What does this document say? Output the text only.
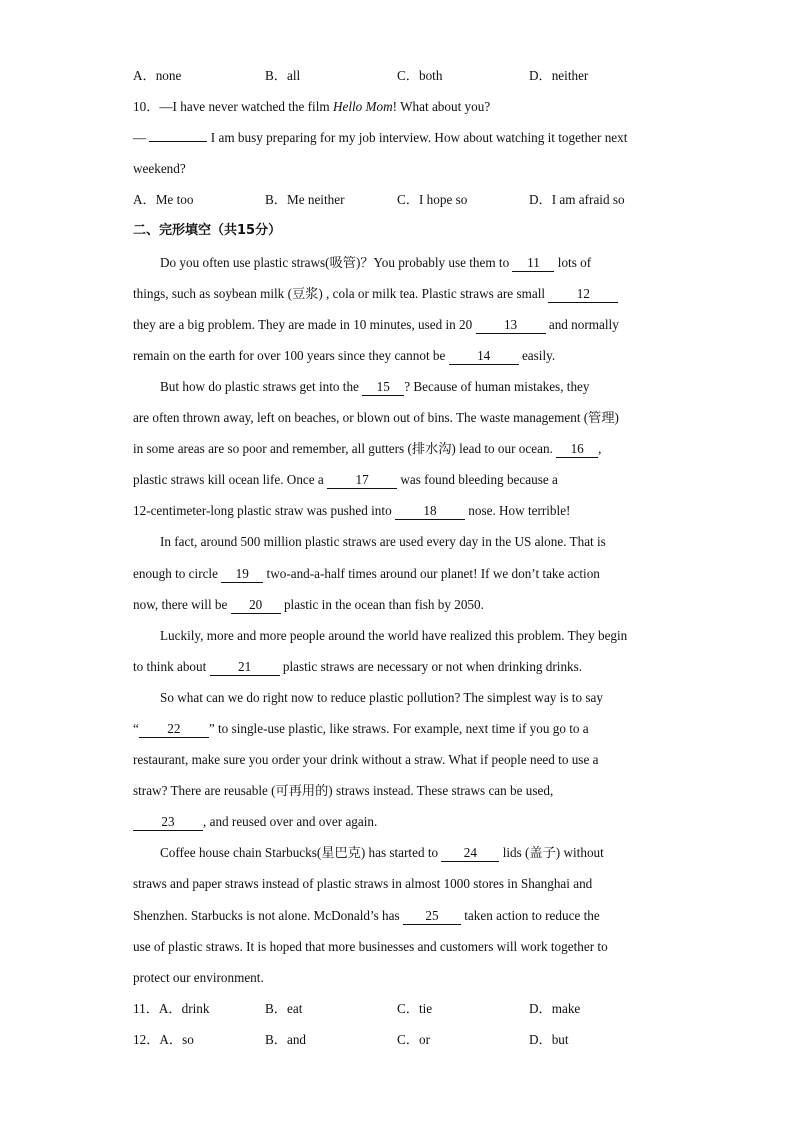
A．none	B．all	C．both	D．neither
10．—I have never watched the film Hello Mom! What about you?
—	I am busy preparing for my job interview. How about watching it together next
weekend?
A．Me too	B．Me neither	C．I hope so	D．I am afraid so
二、完形填空（共15分）
Do you often use plastic straws(吸管)？You probably use them to 11 lots of
things, such as soybean milk (豆浆) , cola or milk tea. Plastic straws are small 12
they are a big problem. They are made in 10 minutes, used in 20 13 and normally
remain on the earth for over 100 years since they cannot be 14 easily.
But how do plastic straws get into the 15 ? Because of human mistakes, they
are often thrown away, left on beaches, or blown out of bins. The waste management (管理)
in some areas are so poor and remember, all gutters (排水沟) lead to our ocean. 16 ,
plastic straws kill ocean life. Once a 17 was found bleeding because a
12-centimeter-long plastic straw was pushed into 18 nose. How terrible!
In fact, around 500 million plastic straws are used every day in the US alone. That is
enough to circle 19 two-and-a-half times around our planet! If we don’t take action
now, there will be 20 plastic in the ocean than fish by 2050.
Luckily, more and more people around the world have realized this problem. They begin
to think about 21 plastic straws are necessary or not when drinking drinks.
So what can we do right now to reduce plastic pollution? The simplest way is to say
“ 22 ” to single-use plastic, like straws. For example, next time if you go to a
restaurant, make sure you order your drink without a straw. What if people need to use a
straw? There are reusable (可再用的) straws instead. These straws can be used,
23 , and reused over and over again.
Coffee house chain Starbucks(星巴克) has started to 24 lids (盖子) without
straws and paper straws instead of plastic straws in almost 1000 stores in Shanghai and
Shenzhen. Starbucks is not alone. McDonald’s has 25 taken action to reduce the
use of plastic straws. It is hoped that more businesses and customers will work together to
protect our environment.
11．A．drink	B．eat	C．tie	D．make
12．A．so	B．and	C．or	D．but
